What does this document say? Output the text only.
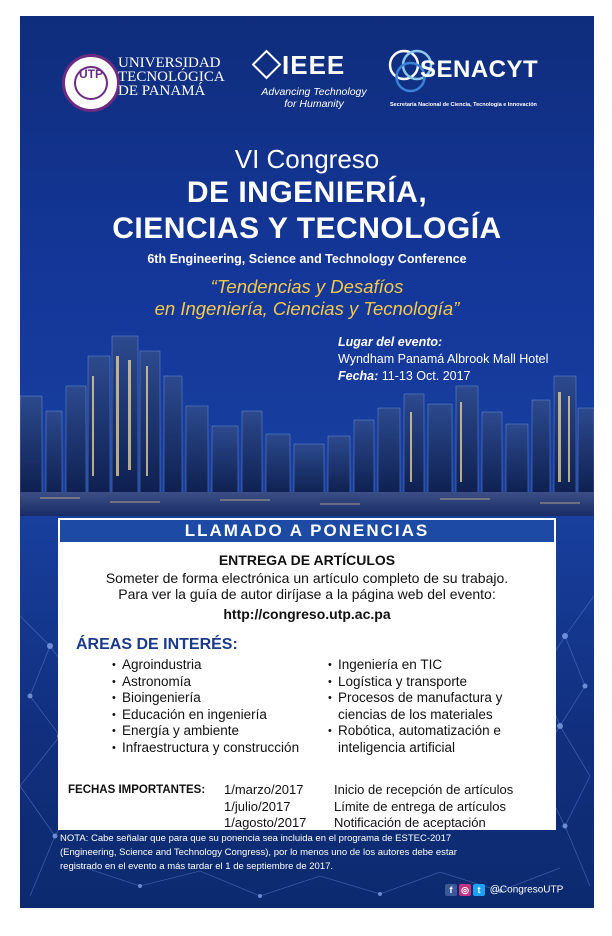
UTP
UNIVERSIDAD
TECNOLÓGICA
DE PANAMÁ
IEEE
Advancing Technology
for Humanity
SENACYT
Secretaría Nacional de Ciencia, Tecnología e Innovación
VI Congreso
DE INGENIERÍA,
CIENCIAS Y TECNOLOGÍA
6th Engineering, Science and Technology Conference
“Tendencias y Desafíos
en Ingeniería, Ciencias y Tecnología”
Lugar del evento:
Wyndham Panamá Albrook Mall Hotel
Fecha: 11-13 Oct. 2017
LLAMADO A PONENCIAS
ENTREGA DE ARTÍCULOS
Someter de forma electrónica un artículo completo de su trabajo.
Para ver la guía de autor diríjase a la página web del evento:
http://congreso.utp.ac.pa
ÁREAS DE INTERÉS:
• Agroindustria
• Astronomía
• Bioingeniería
• Educación en ingeniería
• Energía y ambiente
• Infraestructura y construcción
• Ingeniería en TIC
• Logística y transporte
• Procesos de manufactura y
ciencias de los materiales
• Robótica, automatización e
inteligencia artificial
FECHAS IMPORTANTES: 1/marzo/2017
1/julio/2017
1/agosto/2017
Inicio de recepción de artículos
Límite de entrega de artículos
Notificación de aceptación
NOTA: Cabe señalar que para que su ponencia sea incluida en el programa de ESTEC-2017
(Engineering, Science and Technology Congress), por lo menos uno de los autores debe estar
registrado en el evento a más tardar el 1 de septiembre de 2017.
f ◎ t @CongresoUTP
